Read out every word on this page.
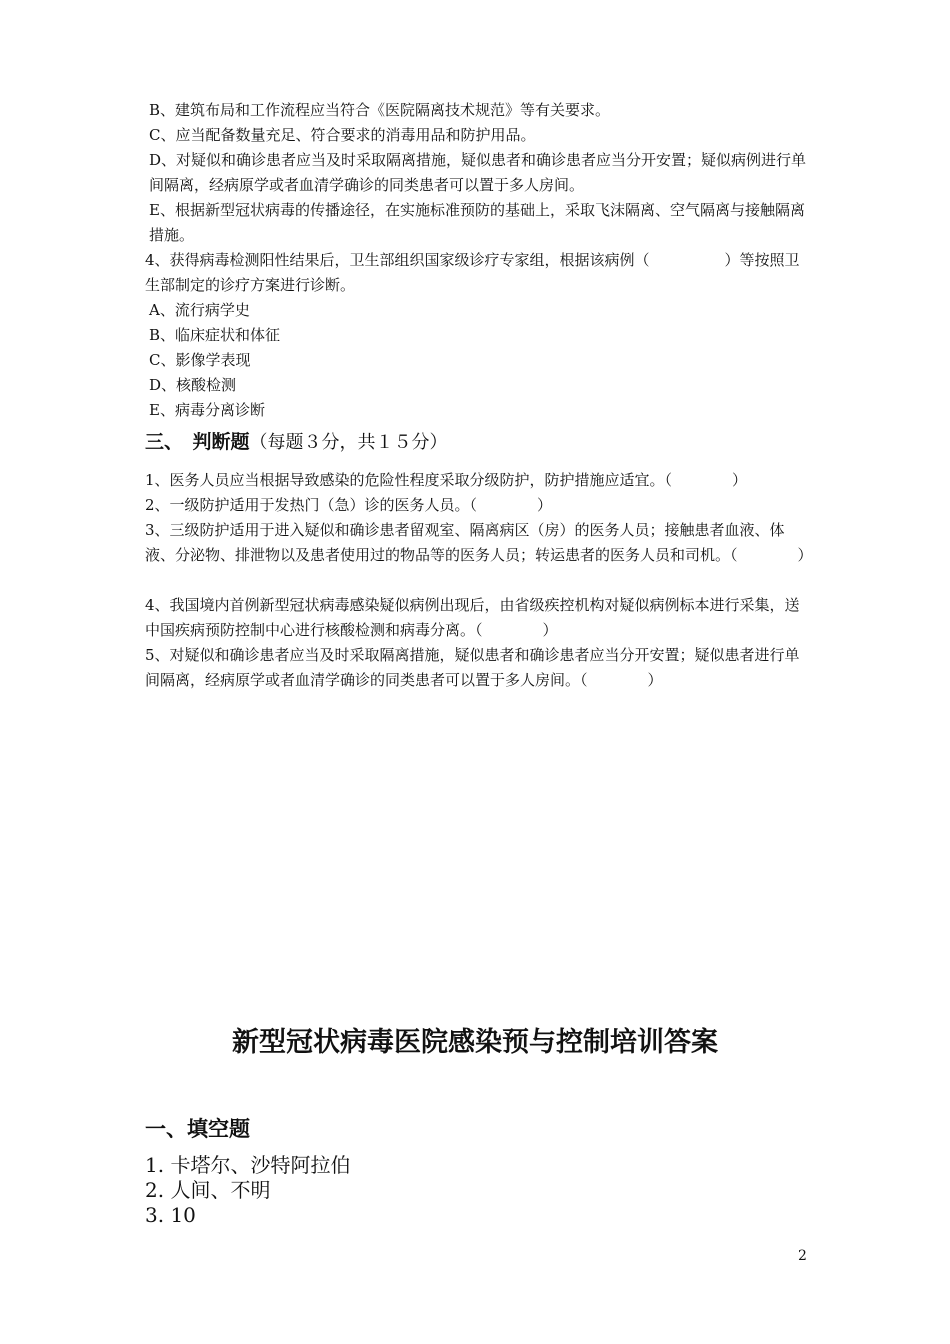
B、建筑布局和工作流程应当符合《医院隔离技术规范》等有关要求。
C、应当配备数量充足、符合要求的消毒用品和防护用品。
D、对疑似和确诊患者应当及时采取隔离措施，疑似患者和确诊患者应当分开安置；疑似病例进行单间隔离，经病原学或者血清学确诊的同类患者可以置于多人房间。
E、根据新型冠状病毒的传播途径，在实施标准预防的基础上，采取飞沫隔离、空气隔离与接触隔离措施。
4、获得病毒检测阳性结果后，卫生部组织国家级诊疗专家组，根据该病例（　　　　　）等按照卫生部制定的诊疗方案进行诊断。
A、流行病学史
B、临床症状和体征
C、影像学表现
D、核酸检测
E、病毒分离诊断
三、　判断题（每题３分，共１５分）
1、医务人员应当根据导致感染的危险性程度采取分级防护，防护措施应适宜。（　　　　）
2、一级防护适用于发热门（急）诊的医务人员。（　　　　）
3、三级防护适用于进入疑似和确诊患者留观室、隔离病区（房）的医务人员；接触患者血液、体液、分泌物、排泄物以及患者使用过的物品等的医务人员；转运患者的医务人员和司机。（　　　　）
4、我国境内首例新型冠状病毒感染疑似病例出现后，由省级疾控机构对疑似病例标本进行采集，送中国疾病预防控制中心进行核酸检测和病毒分离。（　　　　）
5、对疑似和确诊患者应当及时采取隔离措施，疑似患者和确诊患者应当分开安置；疑似患者进行单间隔离，经病原学或者血清学确诊的同类患者可以置于多人房间。（　　　　）
新型冠状病毒医院感染预与控制培训答案
一、填空题
1. 卡塔尔、沙特阿拉伯
2. 人间、不明
3. 10
2
